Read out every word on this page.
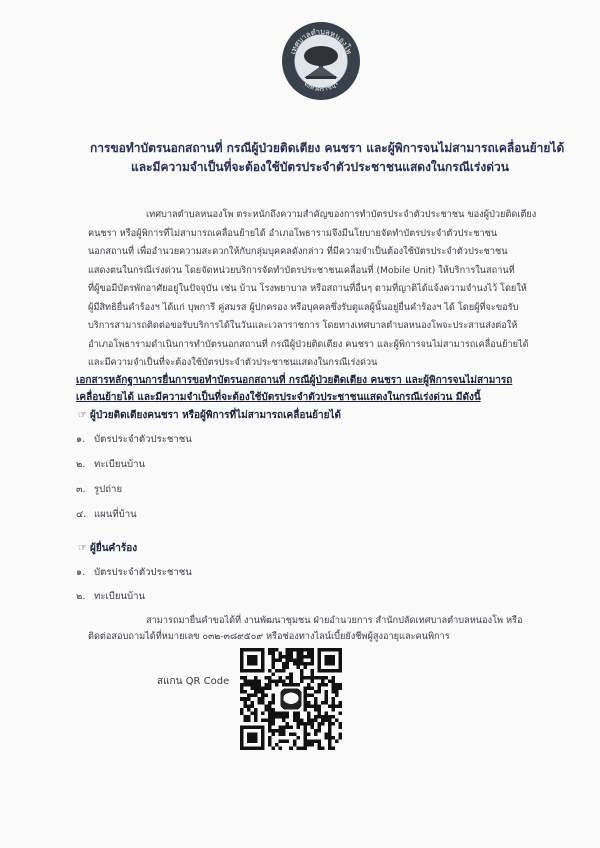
เทศบาลตำบลหนองโพ
จังหวัดราชบุรี
การขอทำบัตรนอกสถานที่ กรณีผู้ป่วยติดเตียง คนชรา และผู้พิการจนไม่สามารถเคลื่อนย้ายได้
และมีความจำเป็นที่จะต้องใช้บัตรประจำตัวประชาชนแสดงในกรณีเร่งด่วน
เทศบาลตำบลหนองโพ ตระหนักถึงความสำคัญของการทำบัตรประจำตัวประชาชน ของผู้ป่วยติดเตียง
คนชรา หรือผู้พิการที่ไม่สามารถเคลื่อนย้ายได้ อำเภอโพธารามจึงมีนโยบายจัดทำบัตรประจำตัวประชาชน
นอกสถานที่ เพื่ออำนวยความสะดวกให้กับกลุ่มบุคคลดังกล่าว ที่มีความจำเป็นต้องใช้บัตรประจำตัวประชาชน
แสดงตนในกรณีเร่งด่วน โดยจัดหน่วยบริการจัดทำบัตรประชาชนเคลื่อนที่ (Mobile Unit) ให้บริการในสถานที่
ที่ผู้ขอมีบัตรพักอาศัยอยู่ในปัจจุบัน เช่น บ้าน โรงพยาบาล หรือสถานที่อื่นๆ ตามที่ญาติได้แจ้งความจำนงไว้ โดยให้
ผู้มีสิทธิยื่นคำร้องฯ ได้แก่ บุพการี คู่สมรส ผู้ปกครอง หรือบุคคลซึ่งรับดูแลผู้นั้นอยู่ยื่นคำร้องฯ ได้ โดยผู้ที่จะขอรับ
บริการสามารถติดต่อขอรับบริการได้ในวันและเวลาราชการ โดยทางเทศบาลตำบลหนองโพจะประสานส่งต่อให้
อำเภอโพธารามดำเนินการทำบัตรนอกสถานที่ กรณีผู้ป่วยติดเตียง คนชรา และผู้พิการจนไม่สามารถเคลื่อนย้ายได้
และมีความจำเป็นที่จะต้องใช้บัตรประจำตัวประชาชนแสดงในกรณีเร่งด่วน
เอกสารหลักฐานการยื่นการขอทำบัตรนอกสถานที่ กรณีผู้ป่วยติดเตียง คนชรา และผู้พิการจนไม่สามารถ
เคลื่อนย้ายได้ และมีความจำเป็นที่จะต้องใช้บัตรประจำตัวประชาชนแสดงในกรณีเร่งด่วน มีดังนี้
☞ ผู้ป่วยติดเตียงคนชรา หรือผู้พิการที่ไม่สามารถเคลื่อนย้ายได้
๑. บัตรประจำตัวประชาชน
๒. ทะเบียนบ้าน
๓. รูปถ่าย
๔. แผนที่บ้าน
☞ ผู้ยื่นคำร้อง
๑. บัตรประจำตัวประชาชน
๒. ทะเบียนบ้าน
สามารถมายื่นคำขอได้ที่ งานพัฒนาชุมชน ฝ่ายอำนวยการ สำนักปลัดเทศบาลตำบลหนองโพ หรือ
ติดต่อสอบถามได้ที่หมายเลข ๐๓๒-๓๘๙๕๐๙ หรือช่องทางไลน์เบี้ยยังชีพผู้สูงอายุและคนพิการ
สแกน QR Code
